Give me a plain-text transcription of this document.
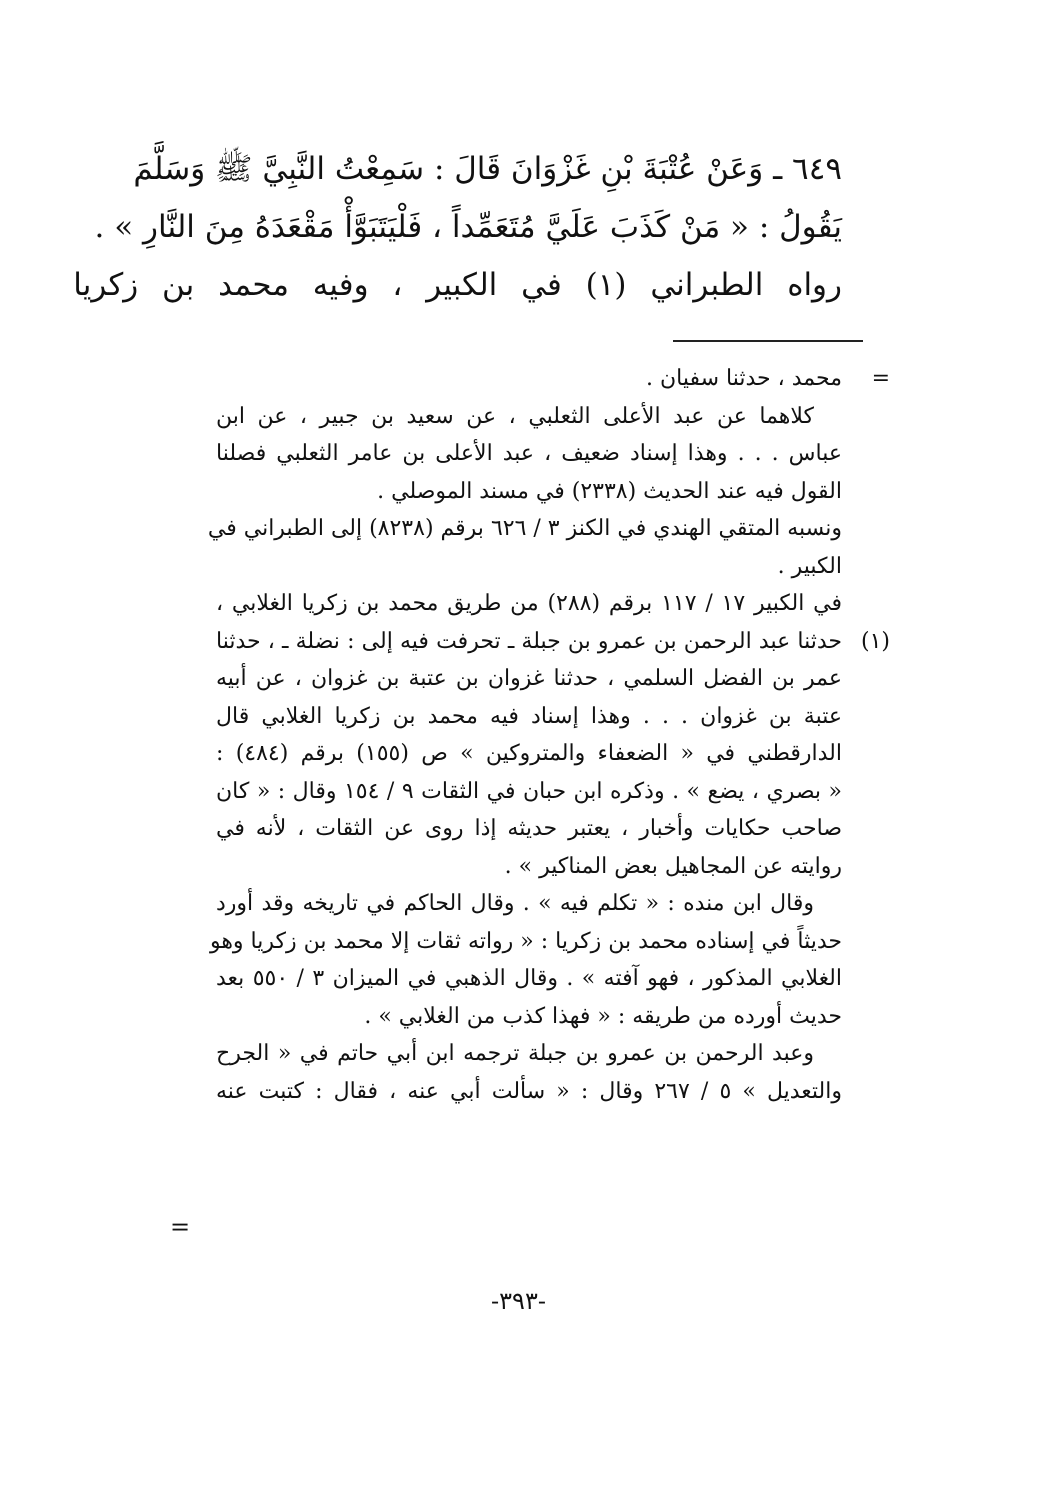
٦٤٩ ـ وَعَنْ عُتْبَةَ بْنِ غَزْوَانَ قَالَ : سَمِعْتُ النَّبِيَّ ﷺ وَسَلَّمَ

يَقُولُ : « مَنْ كَذَبَ عَلَيَّ مُتَعَمِّداً ، فَلْيَتَبَوَّأْ مَقْعَدَهُ مِنَ النَّارِ » .

رواه الطبراني (١) في الكبير ، وفيه محمد بن زكريا

=
(١)

محمد ، حدثنا سفيان .

كلاهما عن عبد الأعلى الثعلبي ، عن سعيد بن جبير ، عن ابن

عباس . . . وهذا إسناد ضعيف ، عبد الأعلى بن عامر الثعلبي فصلنا

القول فيه عند الحديث (٢٣٣٨) في مسند الموصلي .

ونسبه المتقي الهندي في الكنز ٣ / ٦٢٦ برقم (٨٢٣٨) إلى الطبراني في

الكبير .

في الكبير ١٧ / ١١٧ برقم (٢٨٨) من طريق محمد بن زكريا الغلابي ،

حدثنا عبد الرحمن بن عمرو بن جبلة ـ تحرفت فيه إلى : نضلة ـ ، حدثنا

عمر بن الفضل السلمي ، حدثنا غزوان بن عتبة بن غزوان ، عن أبيه

عتبة بن غزوان . . . وهذا إسناد فيه محمد بن زكريا الغلابي قال

الدارقطني في « الضعفاء والمتروكين » ص (١٥٥) برقم (٤٨٤) :

« بصري ، يضع » . وذكره ابن حبان في الثقات ٩ / ١٥٤ وقال : « كان

صاحب حكايات وأخبار ، يعتبر حديثه إذا روى عن الثقات ، لأنه في

روايته عن المجاهيل بعض المناكير » .

وقال ابن منده : « تكلم فيه » . وقال الحاكم في تاريخه وقد أورد

حديثاً في إسناده محمد بن زكريا : « رواته ثقات إلا محمد بن زكريا وهو

الغلابي المذكور ، فهو آفته » . وقال الذهبي في الميزان ٣ / ٥٥٠ بعد

حديث أورده من طريقه : « فهذا كذب من الغلابي » .

وعبد الرحمن بن عمرو بن جبلة ترجمه ابن أبي حاتم في « الجرح

والتعديل » ٥ / ٢٦٧ وقال : « سألت أبي عنه ، فقال : كتبت عنه

=
-٣٩٣-
